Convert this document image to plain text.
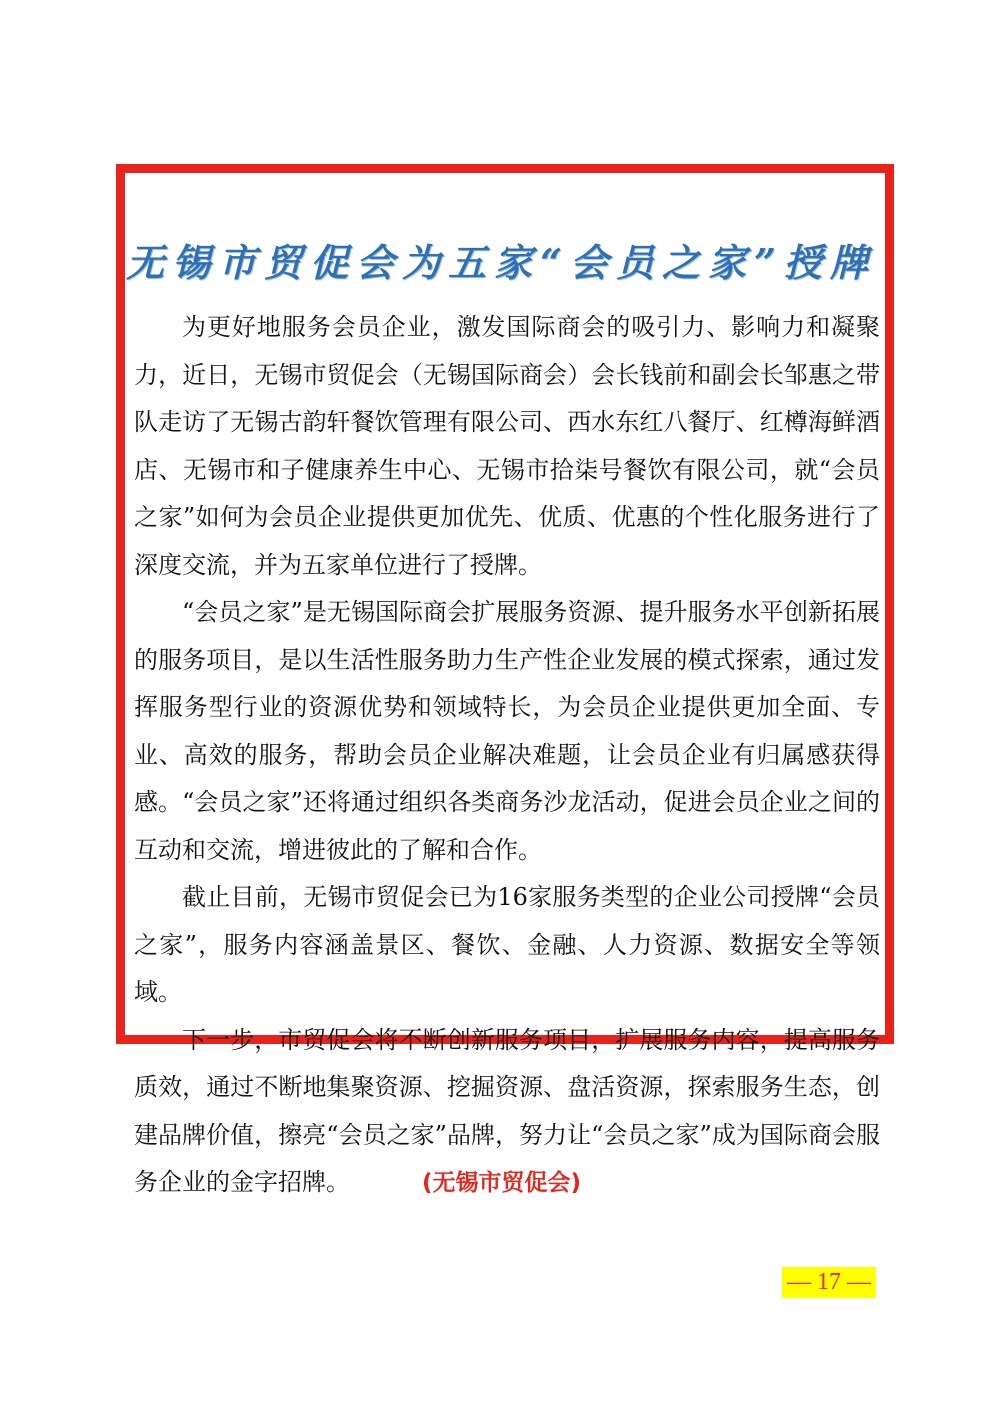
无锡市贸促会为五家“会员之家”授牌

为更好地服务会员企业，激发国际商会的吸引力、影响力和凝聚力，近日，无锡市贸促会（无锡国际商会）会长钱前和副会长邹惠之带队走访了无锡古韵轩餐饮管理有限公司、西水东红八餐厅、红樽海鲜酒店、无锡市和子健康养生中心、无锡市拾柒号餐饮有限公司，就“会员之家”如何为会员企业提供更加优先、优质、优惠的个性化服务进行了深度交流，并为五家单位进行了授牌。

“会员之家”是无锡国际商会扩展服务资源、提升服务水平创新拓展的服务项目，是以生活性服务助力生产性企业发展的模式探索，通过发挥服务型行业的资源优势和领域特长，为会员企业提供更加全面、专业、高效的服务，帮助会员企业解决难题，让会员企业有归属感获得感。“会员之家”还将通过组织各类商务沙龙活动，促进会员企业之间的互动和交流，增进彼此的了解和合作。

截止目前，无锡市贸促会已为16家服务类型的企业公司授牌“会员之家”，服务内容涵盖景区、餐饮、金融、人力资源、数据安全等领域。

下一步，市贸促会将不断创新服务项目，扩展服务内容，提高服务质效，通过不断地集聚资源、挖掘资源、盘活资源，探索服务生态，创建品牌价值，擦亮“会员之家”品牌，努力让“会员之家”成为国际商会服务企业的金字招牌。	(无锡市贸促会)

— 17 —
